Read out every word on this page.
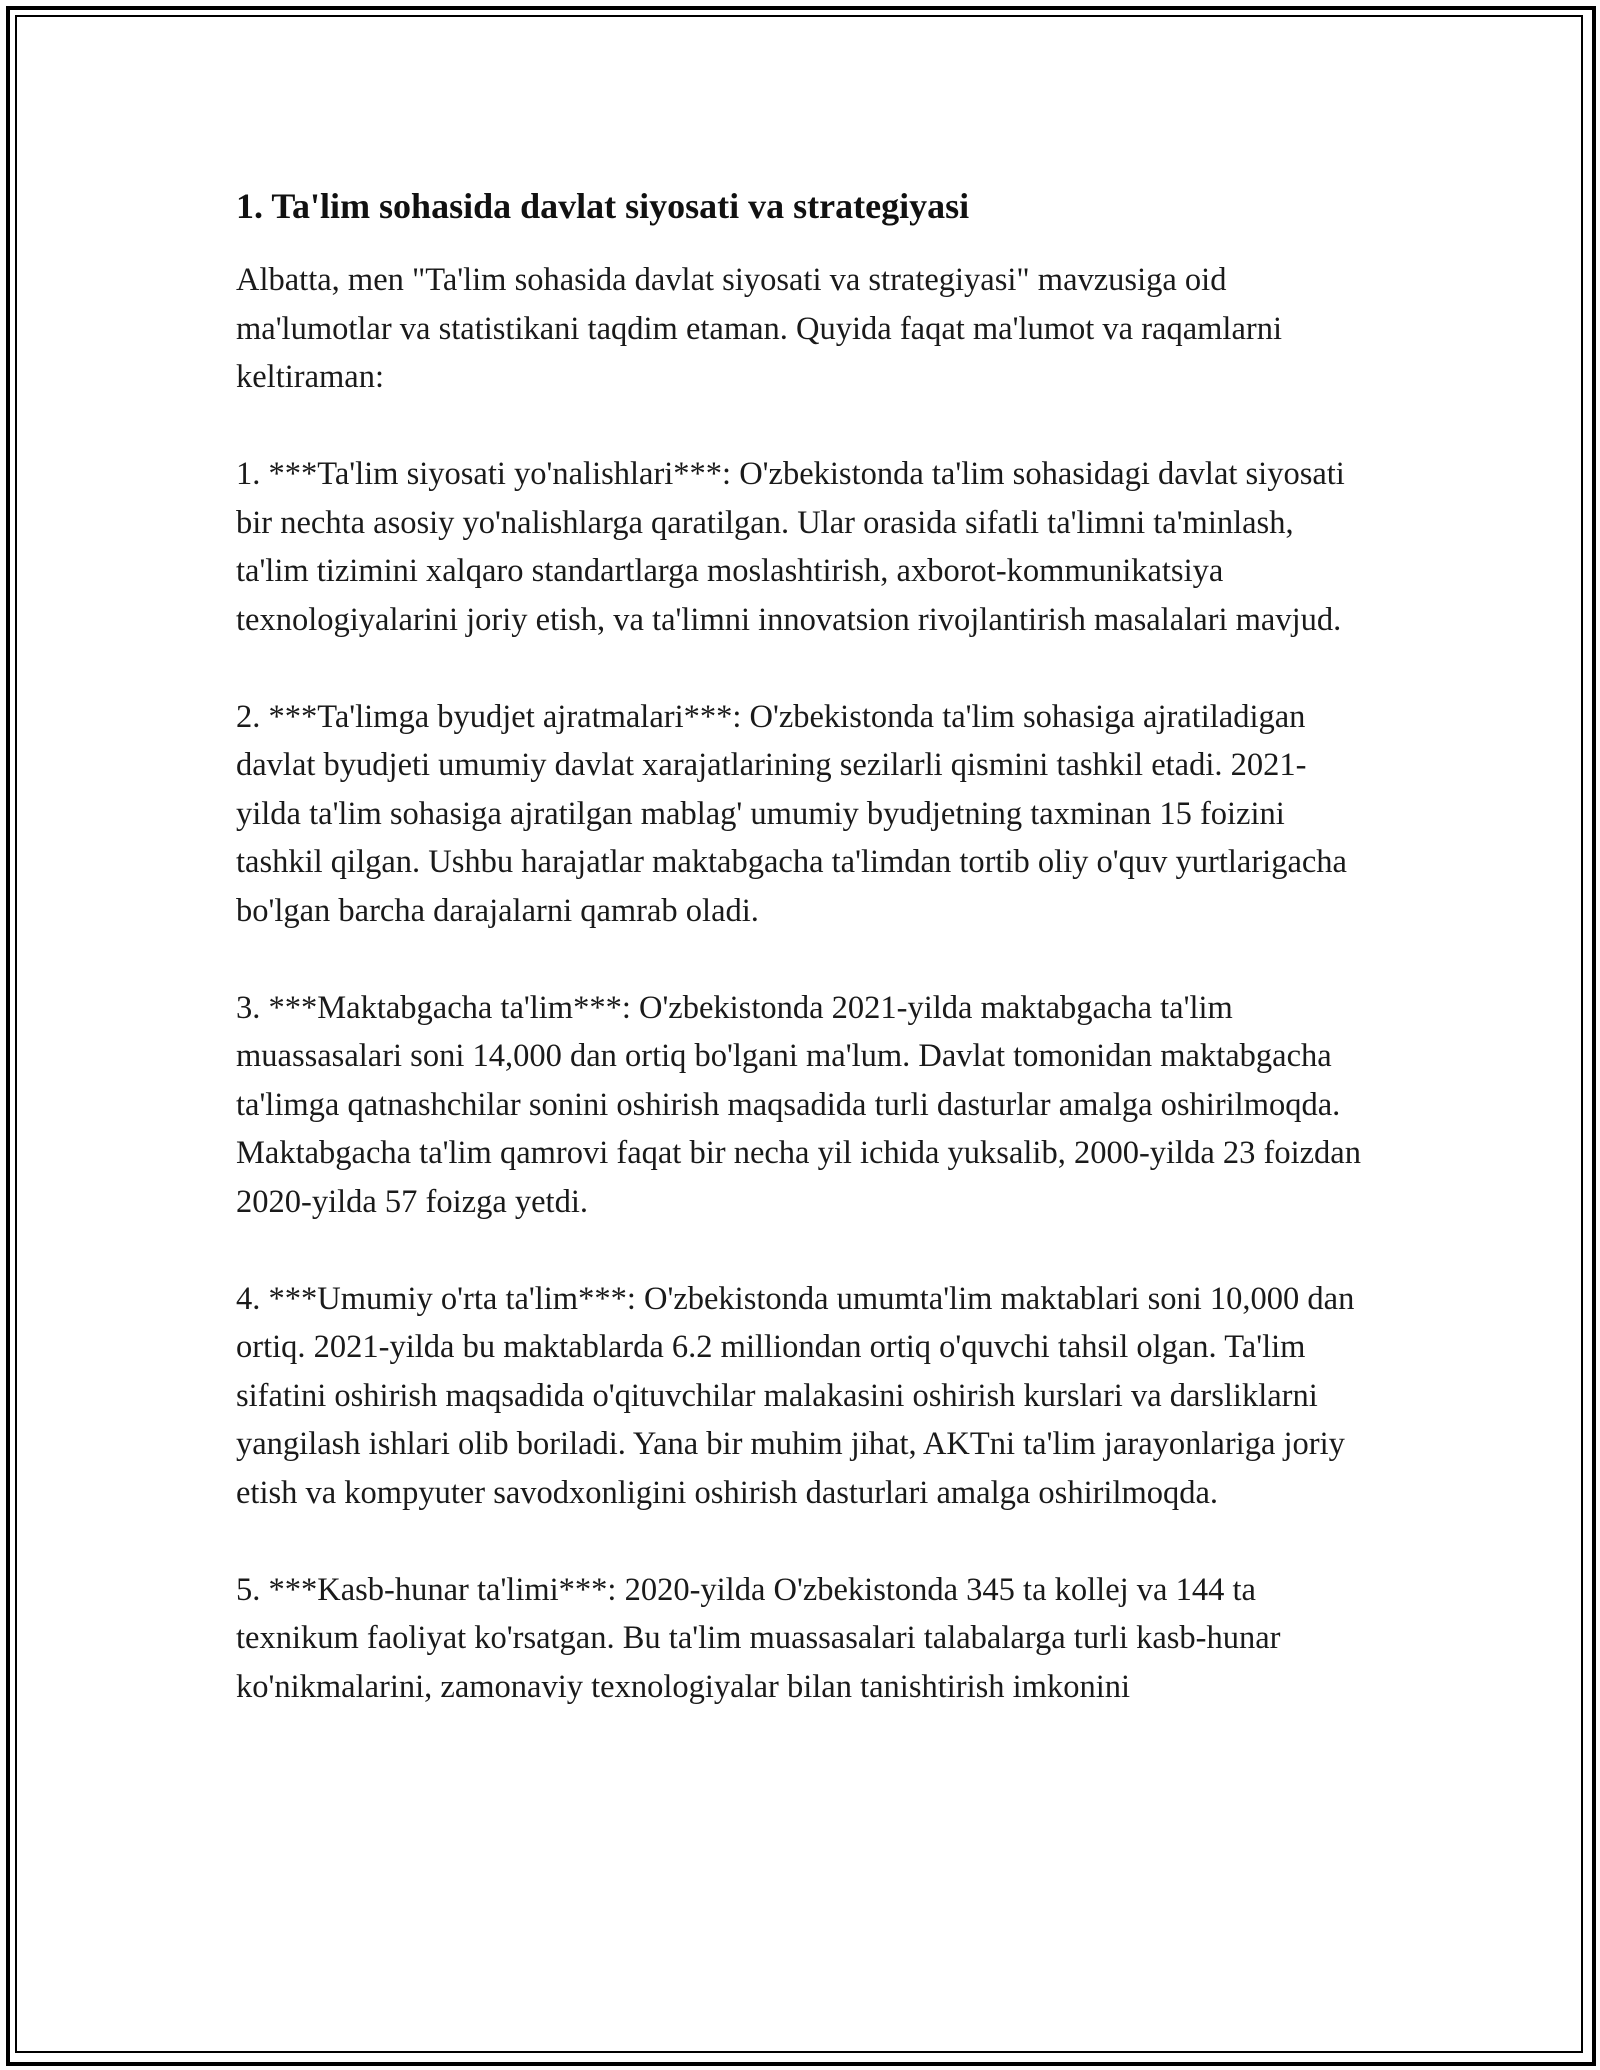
1. Ta'lim sohasida davlat siyosati va strategiyasi

Albatta, men "Ta'lim sohasida davlat siyosati va strategiyasi" mavzusiga oid ma'lumotlar va statistikani taqdim etaman. Quyida faqat ma'lumot va raqamlarni keltiraman:

1. ***Ta'lim siyosati yo'nalishlari***: O'zbekistonda ta'lim sohasidagi davlat siyosati bir nechta asosiy yo'nalishlarga qaratilgan. Ular orasida sifatli ta'limni ta'minlash, ta'lim tizimini xalqaro standartlarga moslashtirish, axborot-kommunikatsiya texnologiyalarini joriy etish, va ta'limni innovatsion rivojlantirish masalalari mavjud.

2. ***Ta'limga byudjet ajratmalari***: O'zbekistonda ta'lim sohasiga ajratiladigan davlat byudjeti umumiy davlat xarajatlarining sezilarli qismini tashkil etadi. 2021-yilda ta'lim sohasiga ajratilgan mablag' umumiy byudjetning taxminan 15 foizini tashkil qilgan. Ushbu harajatlar maktabgacha ta'limdan tortib oliy o'quv yurtlarigacha bo'lgan barcha darajalarni qamrab oladi.

3. ***Maktabgacha ta'lim***: O'zbekistonda 2021-yilda maktabgacha ta'lim muassasalari soni 14,000 dan ortiq bo'lgani ma'lum. Davlat tomonidan maktabgacha ta'limga qatnashchilar sonini oshirish maqsadida turli dasturlar amalga oshirilmoqda. Maktabgacha ta'lim qamrovi faqat bir necha yil ichida yuksalib, 2000-yilda 23 foizdan 2020-yilda 57 foizga yetdi.

4. ***Umumiy o'rta ta'lim***: O'zbekistonda umumta'lim maktablari soni 10,000 dan ortiq. 2021-yilda bu maktablarda 6.2 milliondan ortiq o'quvchi tahsil olgan. Ta'lim sifatini oshirish maqsadida o'qituvchilar malakasini oshirish kurslari va darsliklarni yangilash ishlari olib boriladi. Yana bir muhim jihat, AKTni ta'lim jarayonlariga joriy etish va kompyuter savodxonligini oshirish dasturlari amalga oshirilmoqda.

5. ***Kasb-hunar ta'limi***: 2020-yilda O'zbekistonda 345 ta kollej va 144 ta texnikum faoliyat ko'rsatgan. Bu ta'lim muassasalari talabalarga turli kasb-hunar ko'nikmalarini, zamonaviy texnologiyalar bilan tanishtirish imkonini
